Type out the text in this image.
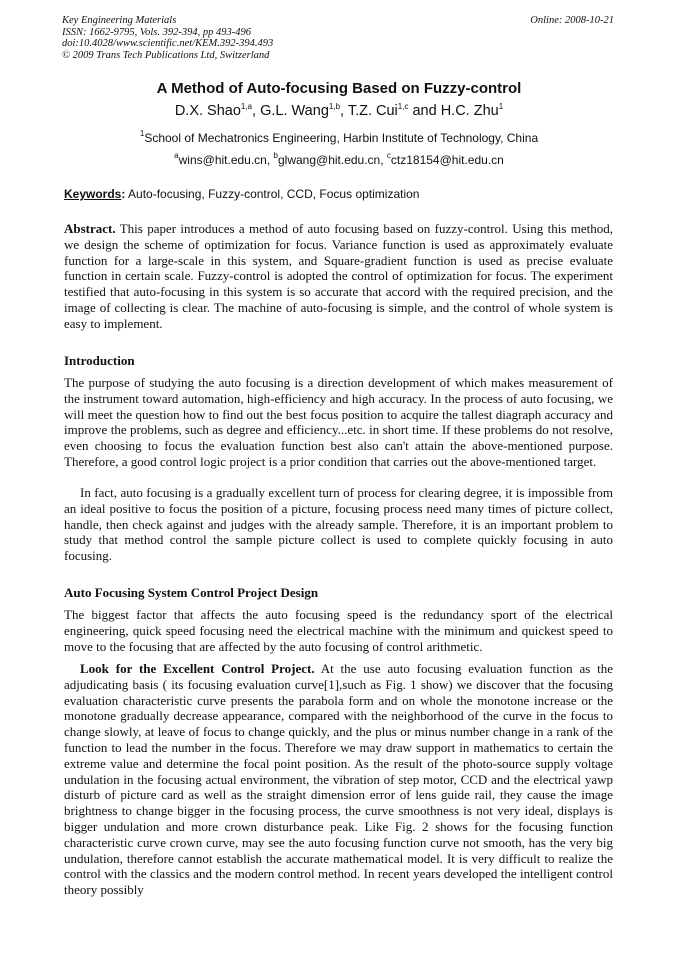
Key Engineering Materials
ISSN: 1662-9795, Vols. 392-394, pp 493-496
doi:10.4028/www.scientific.net/KEM.392-394.493
© 2009 Trans Tech Publications Ltd, Switzerland
Online: 2008-10-21
A Method of Auto-focusing Based on Fuzzy-control
D.X. Shao$^{1,a}$, G.L. Wang$^{1,b}$, T.Z. Cui$^{1,c}$ and H.C. Zhu$^1$
$^1$School of Mechatronics Engineering, Harbin Institute of Technology, China
$^a$wins@hit.edu.cn, $^b$glwang@hit.edu.cn, $^c$ctz18154@hit.edu.cn
Keywords: Auto-focusing, Fuzzy-control, CCD, Focus optimization
Abstract. This paper introduces a method of auto focusing based on fuzzy-control. Using this method, we design the scheme of optimization for focus. Variance function is used as approximately evaluate function for a large-scale in this system, and Square-gradient function is used as precise evaluate function in certain scale. Fuzzy-control is adopted the control of optimization for focus. The experiment testified that auto-focusing in this system is so accurate that accord with the required precision, and the image of collecting is clear. The machine of auto-focusing is simple, and the control of whole system is easy to implement.
Introduction
The purpose of studying the auto focusing is a direction development of which makes measurement of the instrument toward automation, high-efficiency and high accuracy. In the process of auto focusing, we will meet the question how to find out the best focus position to acquire the tallest diagraph accuracy and improve the problems, such as degree and efficiency...etc. in short time. If these problems do not resolve, even choosing to focus the evaluation function best also can't attain the above-mentioned purpose. Therefore, a good control logic project is a prior condition that carries out the above-mentioned target.
In fact, auto focusing is a gradually excellent turn of process for clearing degree, it is impossible from an ideal positive to focus the position of a picture, focusing process need many times of picture collect, handle, then check against and judges with the already sample. Therefore, it is an important problem to study that method control the sample picture collect is used to complete quickly focusing in auto focusing.
Auto Focusing System Control Project Design
The biggest factor that affects the auto focusing speed is the redundancy sport of the electrical engineering, quick speed focusing need the electrical machine with the minimum and quickest speed to move to the focusing that are affected by the auto focusing of control arithmetic.
Look for the Excellent Control Project. At the use auto focusing evaluation function as the adjudicating basis ( its focusing evaluation curve[1],such as Fig. 1 show) we discover that the focusing evaluation characteristic curve presents the parabola form and on whole the monotone increase or the monotone gradually decrease appearance, compared with the neighborhood of the curve in the focus to change slowly, at leave of focus to change quickly, and the plus or minus number change in a rank of the function to lead the number in the focus. Therefore we may draw support in mathematics to certain the extreme value and determine the focal point position. As the result of the photo-source supply voltage undulation in the focusing actual environment, the vibration of step motor, CCD and the electrical yawp disturb of picture card as well as the straight dimension error of lens guide rail, they cause the image brightness to change bigger in the focusing process, the curve smoothness is not very ideal, displays is bigger undulation and more crown disturbance peak. Like Fig. 2 shows for the focusing function characteristic curve crown curve, may see the auto focusing function curve not smooth, has the very big undulation, therefore cannot establish the accurate mathematical model. It is very difficult to realize the control with the classics and the modern control method. In recent years developed the intelligent control theory possibly
